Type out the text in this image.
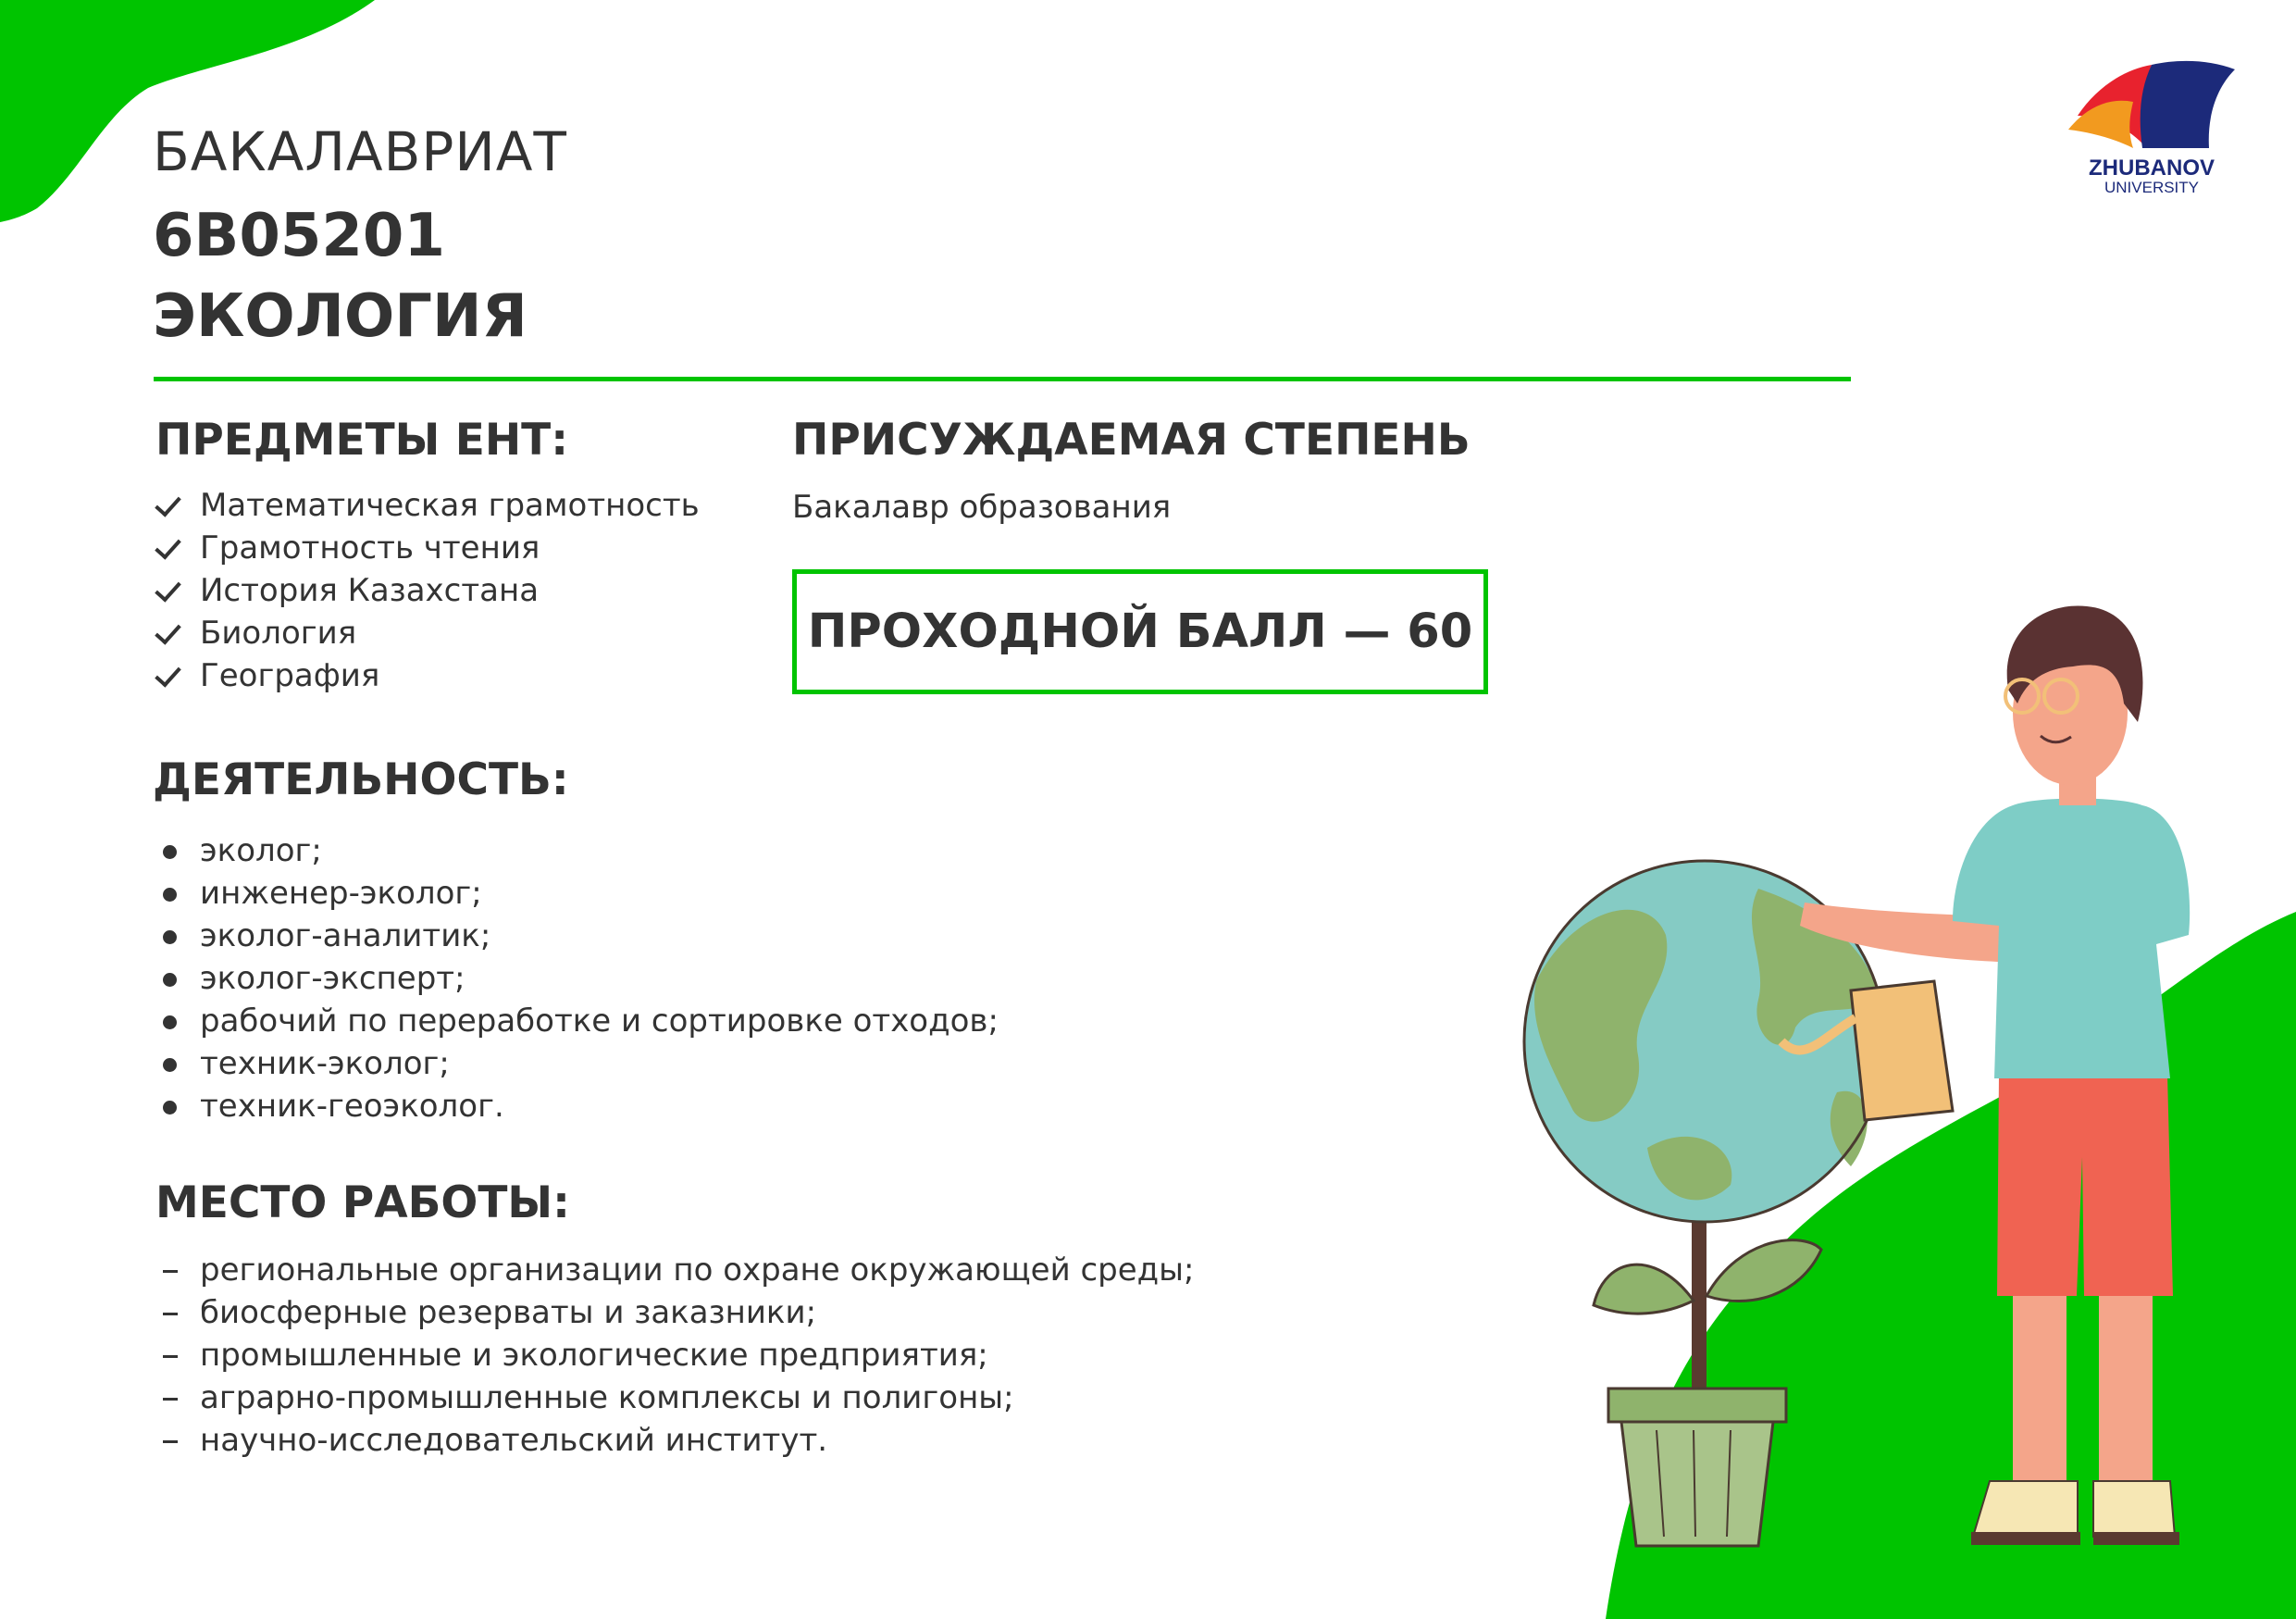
ZHUBANOV
UNIVERSITY
БАКАЛАВРИАТ
6В05201
ЭКОЛОГИЯ
ПРЕДМЕТЫ ЕНТ:
Математическая грамотность
Грамотность чтения
История Казахстана
Биология
География
ПРИСУЖДАЕМАЯ СТЕПЕНЬ
Бакалавр образования
ПРОХОДНОЙ БАЛЛ — 60
ДЕЯТЕЛЬНОСТЬ:
эколог;
инженер-эколог;
эколог-аналитик;
эколог-эксперт;
рабочий по переработке и сортировке отходов;
техник-эколог;
техник-геоэколог.
МЕСТО РАБОТЫ:
региональные организации по охране окружающей среды;
биосферные резерваты и заказники;
промышленные и экологические предприятия;
аграрно-промышленные комплексы и полигоны;
научно-исследовательский институт.
